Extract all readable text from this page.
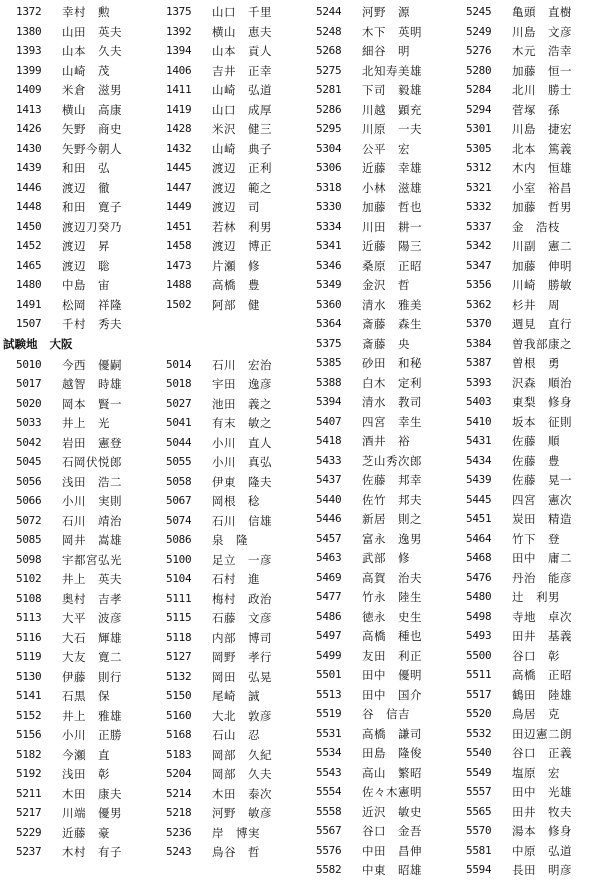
1372	幸村　勲
1380	山田　英夫
1393	山本　久夫
1399	山崎　茂
1409	米倉　滋男
1413	横山　高康
1426	矢野　商史
1430	矢野今朝人
1439	和田　弘
1446	渡辺　徹
1448	和田　寛子
1450	渡辺刀癸乃
1452	渡辺　昇
1465	渡辺　聡
1480	中島　宙
1491	松岡　祥隆
1507	千村　秀夫
5010	今西　優嗣
5017	越智　時雄
5020	岡本　賢一
5033	井上　光
5042	岩田　憲登
5045	石岡伏悦郎
5056	浅田　浩二
5066	小川　実則
5072	石川　靖治
5085	岡井　嵩雄
5098	宇都宮弘光
5102	井上　英夫
5108	奥村　吉孝
5113	大平　波彦
5116	大石　輝雄
5119	大友　寛二
5130	伊藤　則行
5141	石黒　保
5152	井上　雅雄
5156	小川　正勝
5182	今瀬　直
5192	浅田　彰
5211	木田　康夫
5217	川端　優男
5229	近藤　豪
5237	木村　有子
1375	山口　千里
1392	横山　恵夫
1394	山本　貢人
1406	吉井　正幸
1411	山崎　弘道
1419	山口　成厚
1428	米沢　健三
1432	山崎　典子
1445	渡辺　正利
1447	渡辺　範之
1449	渡辺　司
1451	若林　利男
1458	渡辺　博正
1473	片瀬　修
1488	高橋　豊
1502	阿部　健
5014	石川　宏治
5018	宇田　逸彦
5027	池田　義之
5041	有末　敏之
5044	小川　直人
5055	小川　真弘
5058	伊東　隆夫
5067	岡根　稔
5074	石川　信雄
5086	泉　隆
5100	足立　一彦
5104	石村　進
5111	梅村　政治
5115	石藤　文彦
5118	内部　博司
5127	岡野　孝行
5132	岡田　弘晃
5150	尾崎　誠
5160	大北　敦彦
5168	石山　忍
5183	岡部　久紀
5204	岡部　久夫
5214	木田　泰次
5218	河野　敏彦
5236	岸　博実
5243	鳥谷　哲
5244	河野　源
5248	木下　英明
5268	細谷　明
5275	北知寿美雄
5281	下司　毅雄
5286	川越　顕充
5295	川原　一夫
5304	公平　宏
5306	近藤　幸雄
5318	小林　滋雄
5330	加藤　哲也
5334	川田　耕一
5341	近藤　陽三
5346	桑原　正昭
5349	金沢　哲
5360	清水　雅美
5364	斎藤　森生
5375	斎藤　央
5385	砂田　和秘
5388	白木　定利
5394	清水　教司
5407	四宮　幸生
5418	酒井　裕
5433	芝山秀次郎
5437	佐藤　邦幸
5440	佐竹　邦夫
5446	新居　則之
5457	富永　逸男
5463	武部　修
5469	高賀　治夫
5477	竹永　陸生
5486	徳永　史生
5497	高橋　種也
5499	友田　利正
5501	田中　優明
5513	田中　国介
5519	谷　信吉
5531	高橋　謙司
5534	田島　隆俊
5543	高山　繁昭
5554	佐々木憲明
5558	近沢　敏史
5567	谷口　金吾
5576	中田　昌伸
5582	中東　昭雄
5245	亀頭　直樹
5249	川島　文彦
5276	木元　浩幸
5280	加藤　恒一
5284	北川　勝士
5294	菅塚　孫
5301	川島　捷宏
5305	北本　篤義
5312	木内　恒雄
5321	小室　裕昌
5332	加藤　哲男
5337	金　浩枝
5342	川副　憲二
5347	加藤　伸明
5356	川崎　勝敏
5362	杉井　周
5370	週見　直行
5384	曽我部康之
5387	曽根　勇
5393	沢森　順治
5403	東梨　修身
5410	坂本　征則
5431	佐藤　順
5434	佐藤　豊
5439	佐藤　晃一
5445	四宮　憲次
5451	炭田　精造
5464	竹下　登
5468	田中　庸二
5476	丹治　能彦
5480	辻　利男
5498	寺地　卓次
5493	田井　基義
5500	谷口　彰
5511	高橋　正昭
5517	鶴田　陸雄
5520	鳥居　克
5532	田辺憲二朗
5540	谷口　正義
5549	塩原　宏
5557	田中　光雄
5565	田井　牧夫
5570	湯本　修身
5581	中原　弘道
5594	長田　明彦
試験地 大阪
